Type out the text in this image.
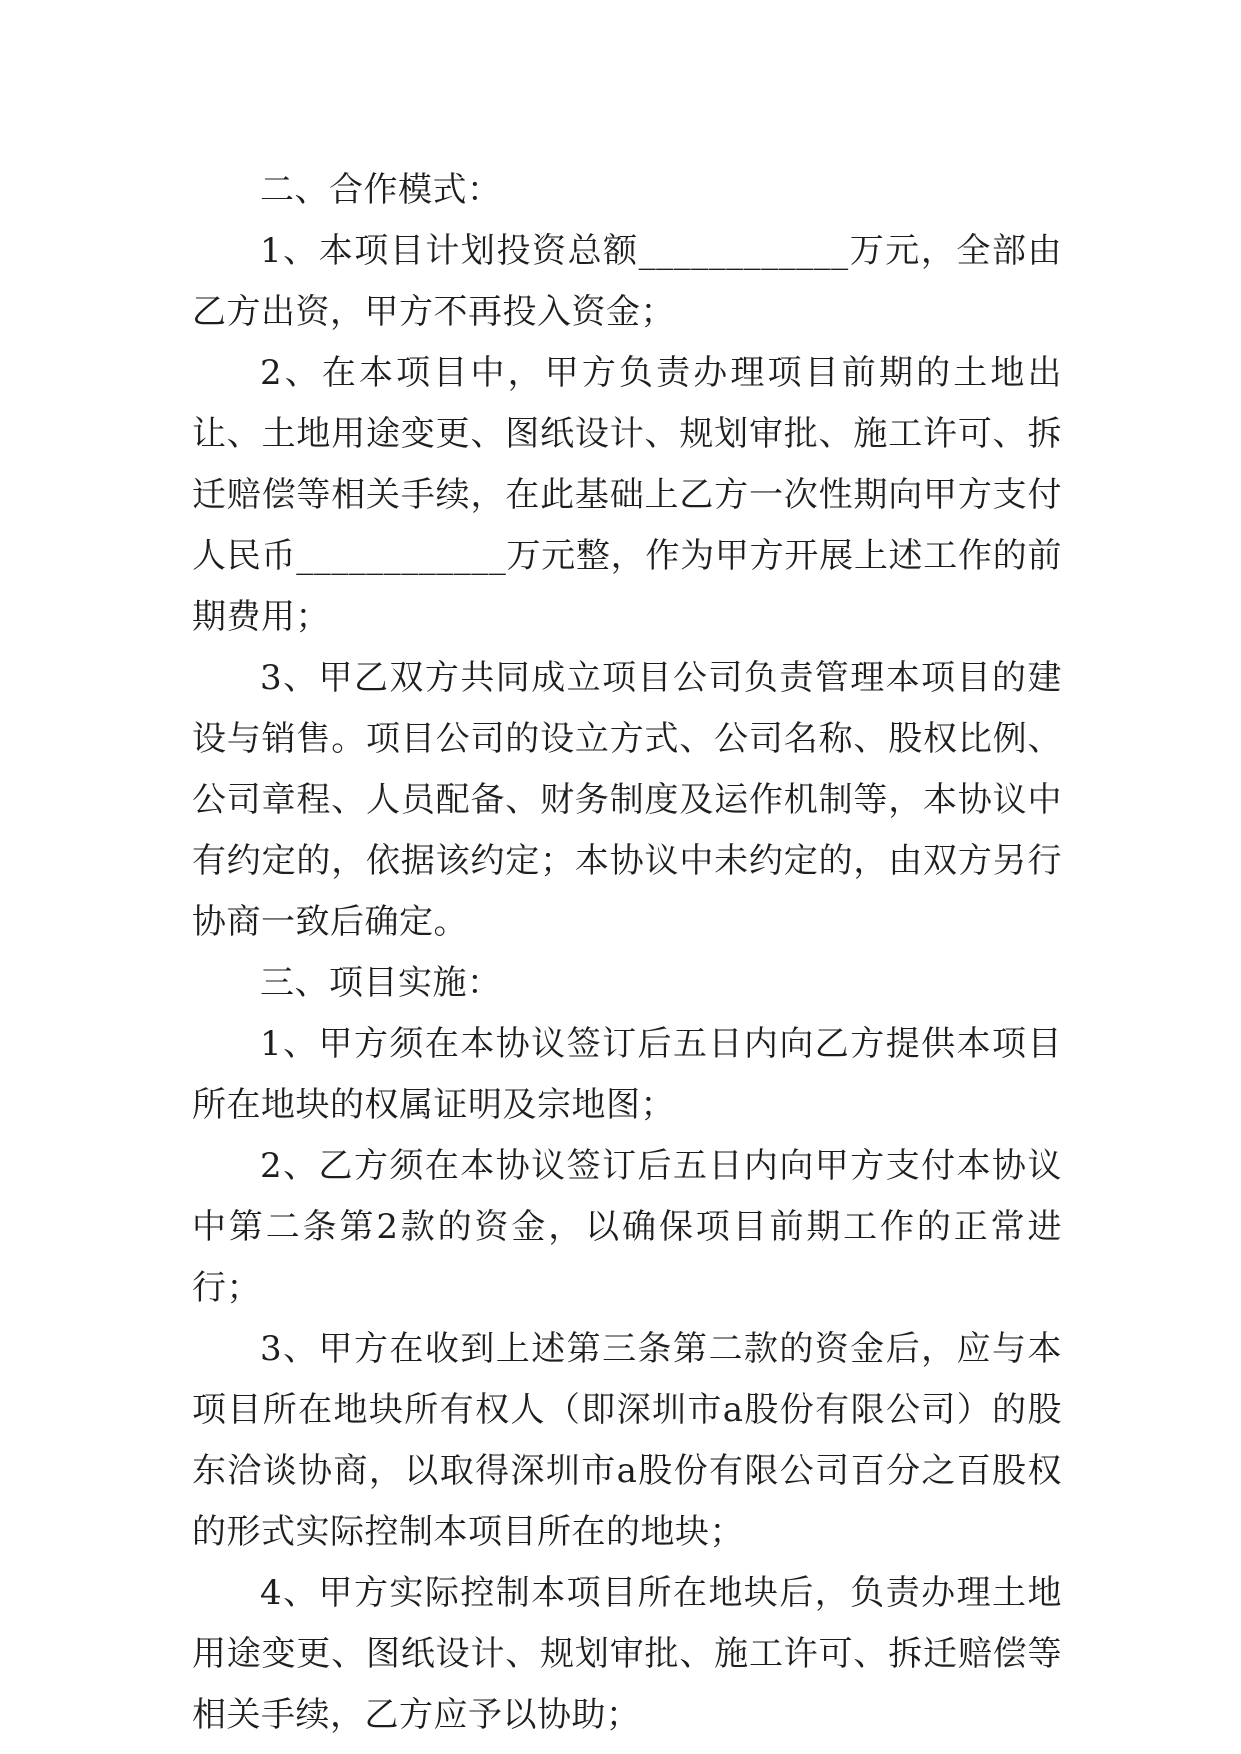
二、合作模式：

1、本项目计划投资总额____________万元，全部由乙方出资，甲方不再投入资金；

2、在本项目中，甲方负责办理项目前期的土地出让、土地用途变更、图纸设计、规划审批、施工许可、拆迁赔偿等相关手续，在此基础上乙方一次性期向甲方支付人民币____________万元整，作为甲方开展上述工作的前期费用；

3、甲乙双方共同成立项目公司负责管理本项目的建设与销售。项目公司的设立方式、公司名称、股权比例、公司章程、人员配备、财务制度及运作机制等，本协议中有约定的，依据该约定；本协议中未约定的，由双方另行协商一致后确定。

三、项目实施：

1、甲方须在本协议签订后五日内向乙方提供本项目所在地块的权属证明及宗地图；

2、乙方须在本协议签订后五日内向甲方支付本协议中第二条第2款的资金，以确保项目前期工作的正常进行；

3、甲方在收到上述第三条第二款的资金后，应与本项目所在地块所有权人（即深圳市a股份有限公司）的股东洽谈协商，以取得深圳市a股份有限公司百分之百股权的形式实际控制本项目所在的地块；

4、甲方实际控制本项目所在地块后，负责办理土地用途变更、图纸设计、规划审批、施工许可、拆迁赔偿等相关手续，乙方应予以协助；
